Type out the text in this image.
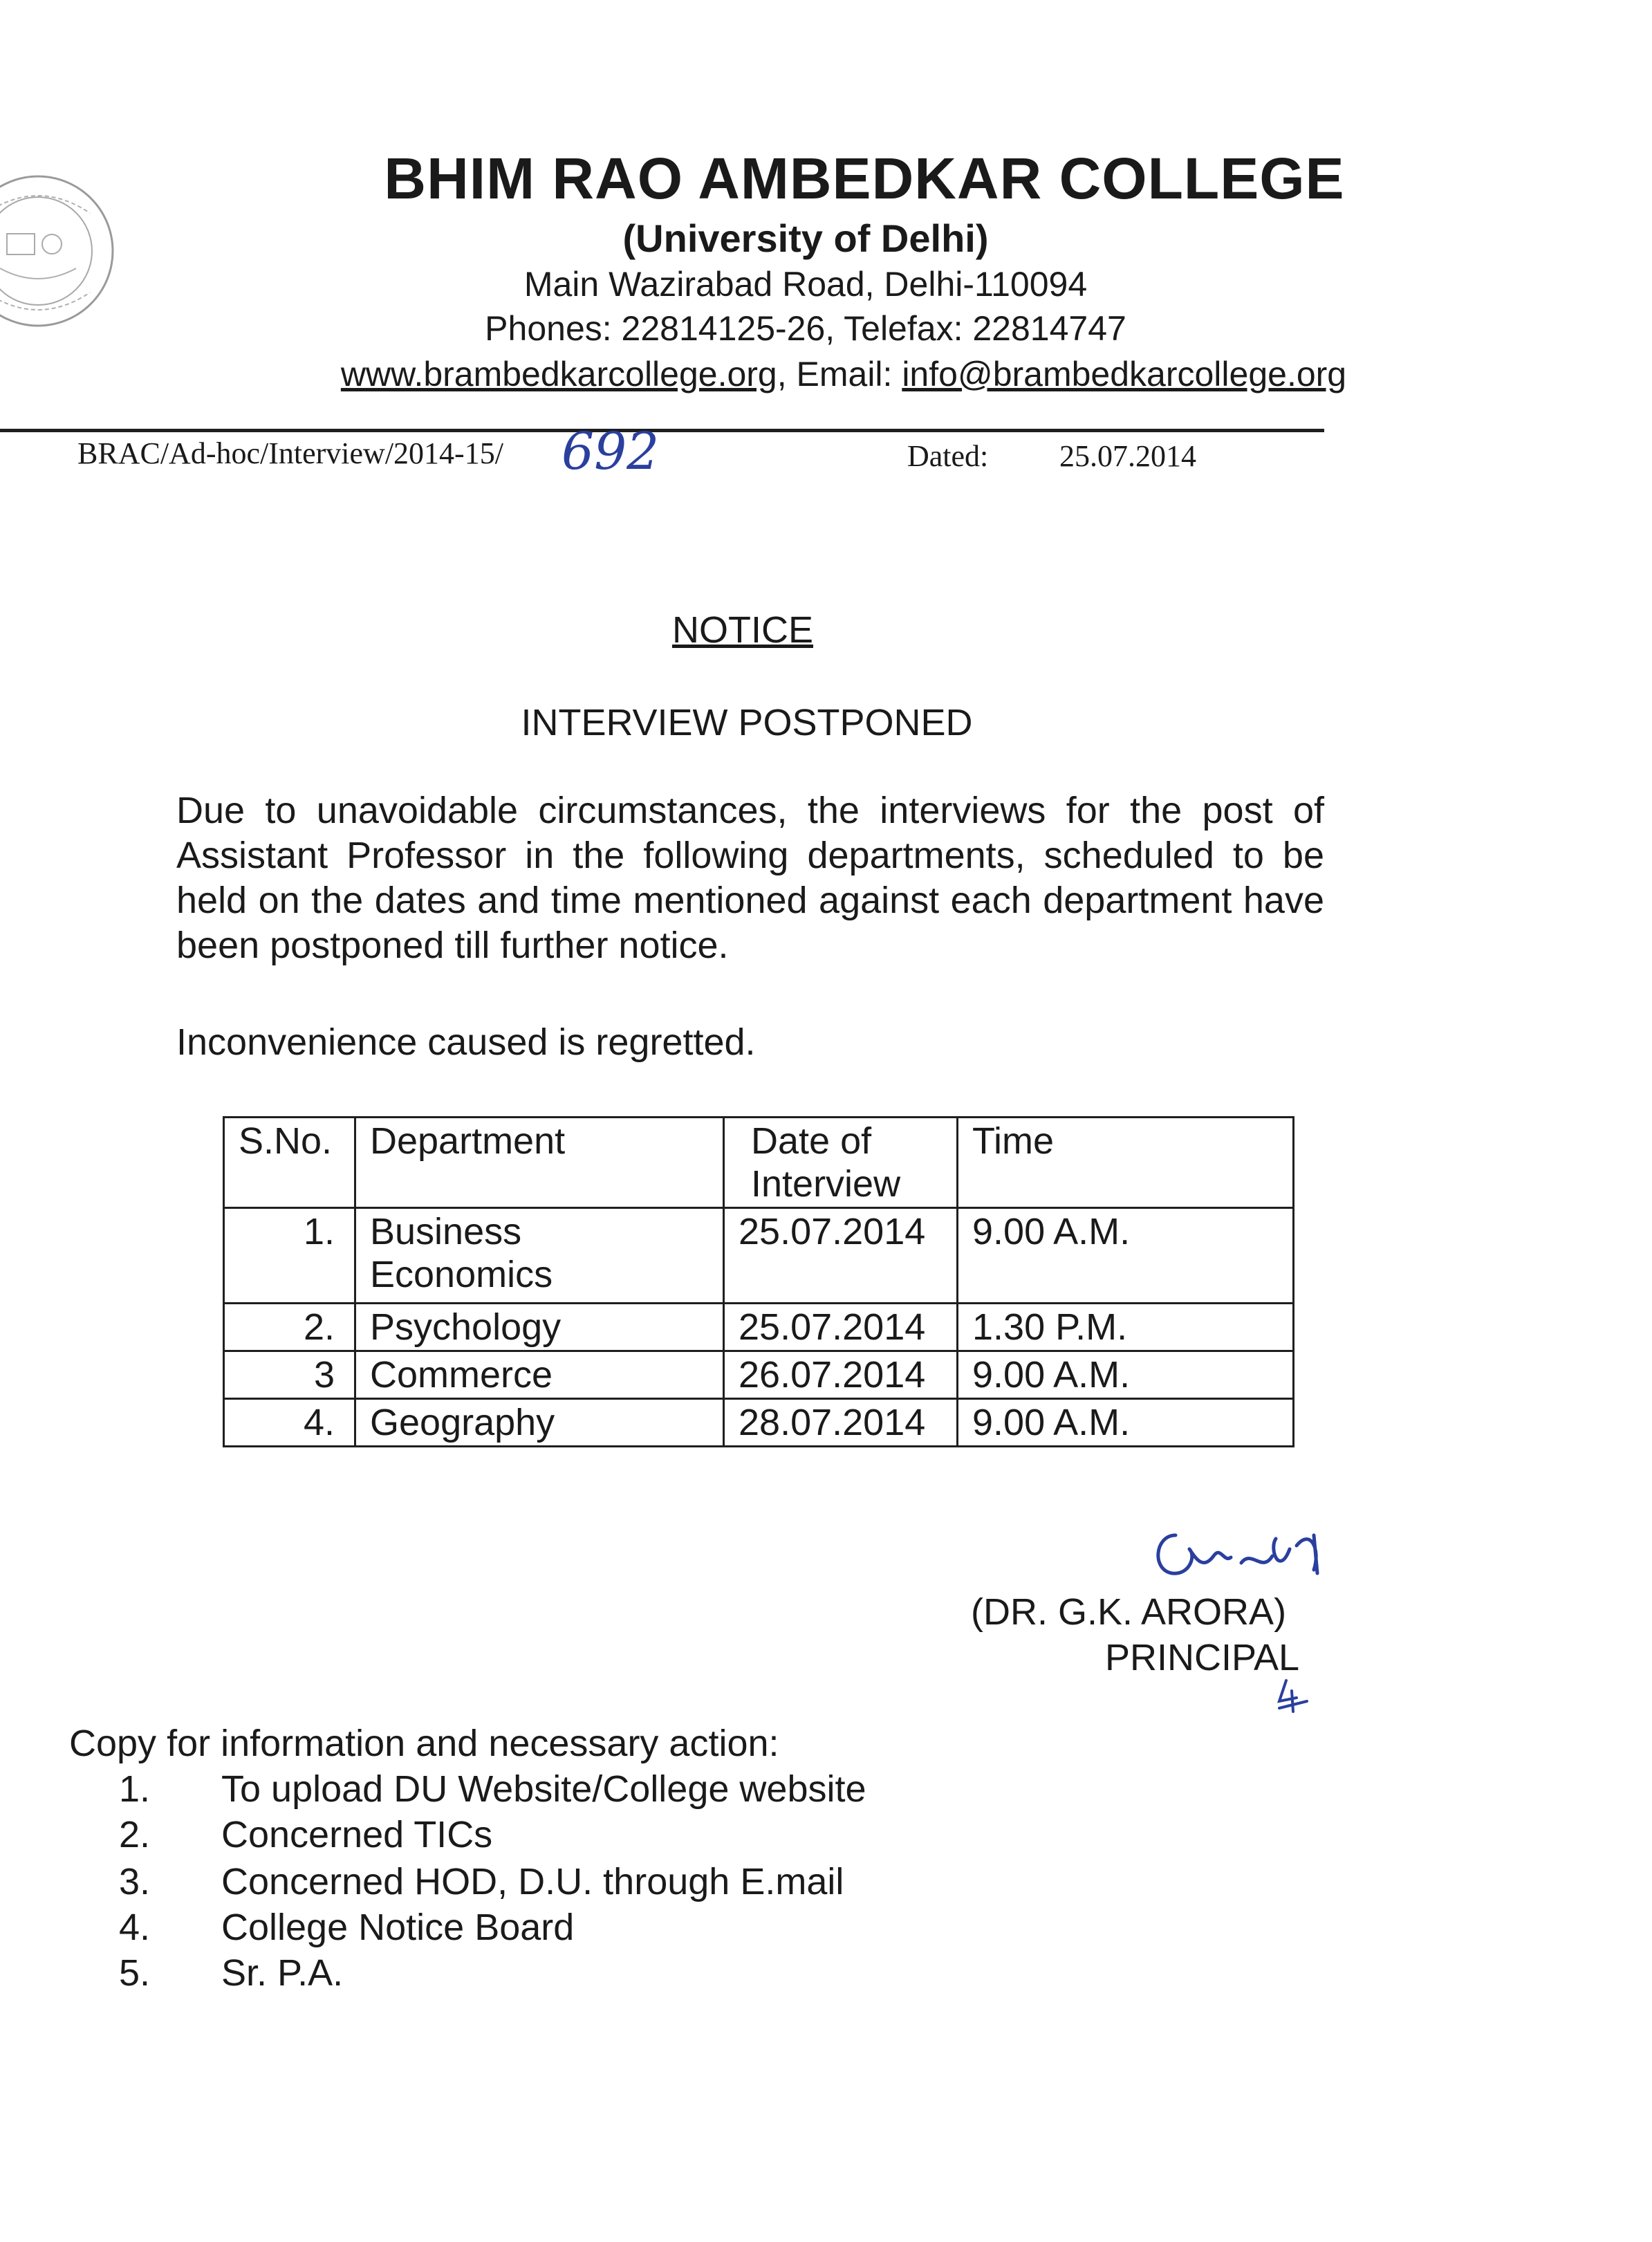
BHIM RAO AMBEDKAR COLLEGE
(University of Delhi)
Main Wazirabad Road, Delhi-110094
Phones: 22814125-26, Telefax: 22814747
www.brambedkarcollege.org, Email: info@brambedkarcollege.org
BRAC/Ad-hoc/Interview/2014-15/ 692	Dated: 25.07.2014
NOTICE
INTERVIEW POSTPONED
Due to unavoidable circumstances, the interviews for the post of Assistant Professor in the following departments, scheduled to be held on the dates and time mentioned against each department have been postponed till further notice.
Inconvenience caused is regretted.
S.No.	Department	Date of Interview	Time
1.	Business Economics	25.07.2014	9.00 A.M.
2.	Psychology	25.07.2014	1.30 P.M.
3	Commerce	26.07.2014	9.00 A.M.
4.	Geography	28.07.2014	9.00 A.M.
(DR. G.K. ARORA)
PRINCIPAL
Copy for information and necessary action:
1. To upload DU Website/College website
2. Concerned TICs
3. Concerned HOD, D.U. through E.mail
4. College Notice Board
5. Sr. P.A.
